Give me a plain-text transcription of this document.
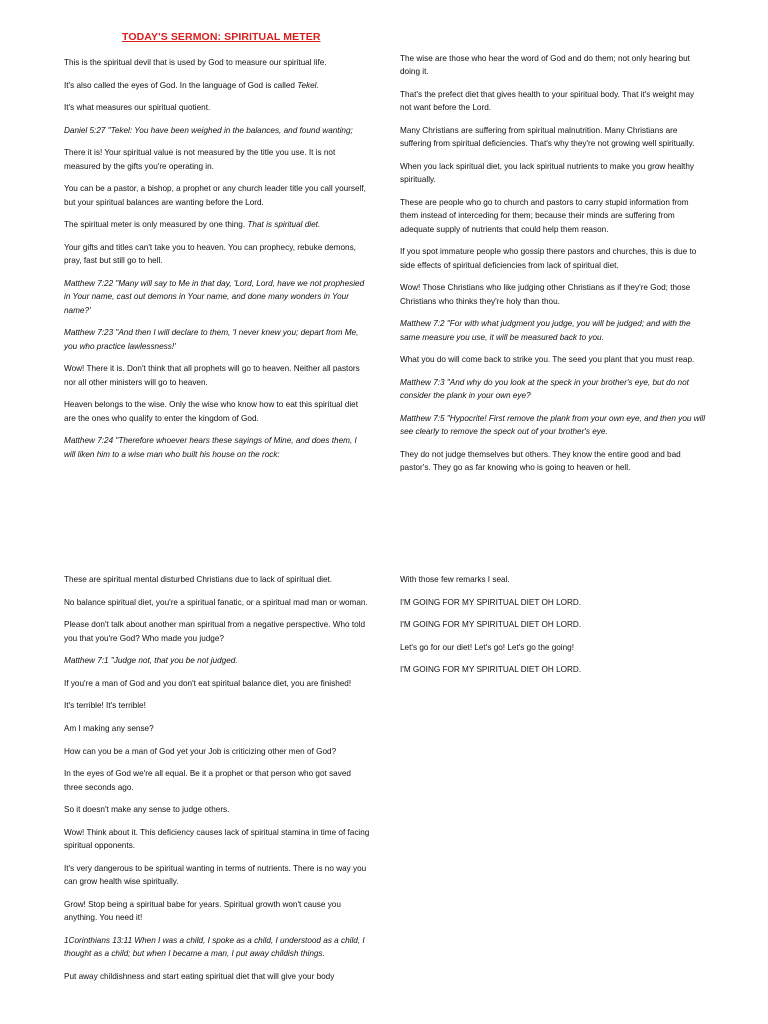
TODAY'S SERMON: SPIRITUAL METER

This is the spiritual devil that is used by God to measure our spiritual life.

It's also called the eyes of God. In the language of God is called Tekel.

It's what measures our spiritual quotient.

Daniel 5:27 "Tekel: You have been weighed in the balances, and found wanting;

There it is! Your spiritual value is not measured by the title you use. It is not measured by the gifts you're operating in.

You can be a pastor, a bishop, a prophet or any church leader title you call yourself, but your spiritual balances are wanting before the Lord.

The spiritual meter is only measured by one thing. That is spiritual diet.

Your gifts and titles can't take you to heaven. You can prophecy, rebuke demons, pray, fast but still go to hell.

Matthew 7:22 "Many will say to Me in that day, 'Lord, Lord, have we not prophesied in Your name, cast out demons in Your name, and done many wonders in Your name?'

Matthew 7:23 "And then I will declare to them, 'I never knew you; depart from Me, you who practice lawlessness!'

Wow! There it is. Don't think that all prophets will go to heaven. Neither all pastors nor all other ministers will go to heaven.

Heaven belongs to the wise. Only the wise who know how to eat this spiritual diet are the ones who qualify to enter the kingdom of God.

Matthew 7:24 "Therefore whoever hears these sayings of Mine, and does them, I will liken him to a wise man who built his house on the rock:

The wise are those who hear the word of God and do them; not only hearing but doing it.

That's the prefect diet that gives health to your spiritual body. That it's weight may not want before the Lord.

Many Christians are suffering from spiritual malnutrition. Many Christians are suffering from spiritual deficiencies. That's why they're not growing well spiritually.

When you lack spiritual diet, you lack spiritual nutrients to make you grow healthy spiritually.

These are people who go to church and pastors to carry stupid information from them instead of interceding for them; because their minds are suffering from adequate supply of nutrients that could help them reason.

If you spot immature people who gossip there pastors and churches, this is due to side effects of spiritual deficiencies from lack of spiritual diet.

Wow! Those Christians who like judging other Christians as if they're God; those Christians who thinks they're holy than thou.

Matthew 7:2 "For with what judgment you judge, you will be judged; and with the same measure you use, it will be measured back to you.

What you do will come back to strike you. The seed you plant that you must reap.

Matthew 7:3 "And why do you look at the speck in your brother's eye, but do not consider the plank in your own eye?

Matthew 7:5 "Hypocrite! First remove the plank from your own eye, and then you will see clearly to remove the speck out of your brother's eye.

They do not judge themselves but others. They know the entire good and bad pastor's. They go as far knowing who is going to heaven or hell.

These are spiritual mental disturbed Christians due to lack of spiritual diet.

No balance spiritual diet, you're a spiritual fanatic, or a spiritual mad man or woman.

Please don't talk about another man spiritual from a negative perspective. Who told you that you're God? Who made you judge?

Matthew 7:1 "Judge not, that you be not judged.

If you're a man of God and you don't eat spiritual balance diet, you are finished!

It's terrible! It's terrible!

Am I making any sense?

How can you be a man of God yet your Job is criticizing other men of God?

In the eyes of God we're all equal. Be it a prophet or that person who got saved three seconds ago.

So it doesn't make any sense to judge others.

Wow! Think about it. This deficiency causes lack of spiritual stamina in time of facing spiritual opponents.

It's very dangerous to be spiritual wanting in terms of nutrients. There is no way you can grow health wise spiritually.

Grow! Stop being a spiritual babe for years. Spiritual growth won't cause you anything. You need it!

1Corinthians 13:11 When I was a child, I spoke as a child, I understood as a child, I thought as a child; but when I became a man, I put away childish things.

Put away childishness and start eating spiritual diet that will give your body

With those few remarks I seal.

I'M GOING FOR MY SPIRITUAL DIET OH LORD.

I'M GOING FOR MY SPIRITUAL DIET OH LORD.

Let's go for our diet! Let's go! Let's go the going!

I'M GOING FOR MY SPIRITUAL DIET OH LORD.
